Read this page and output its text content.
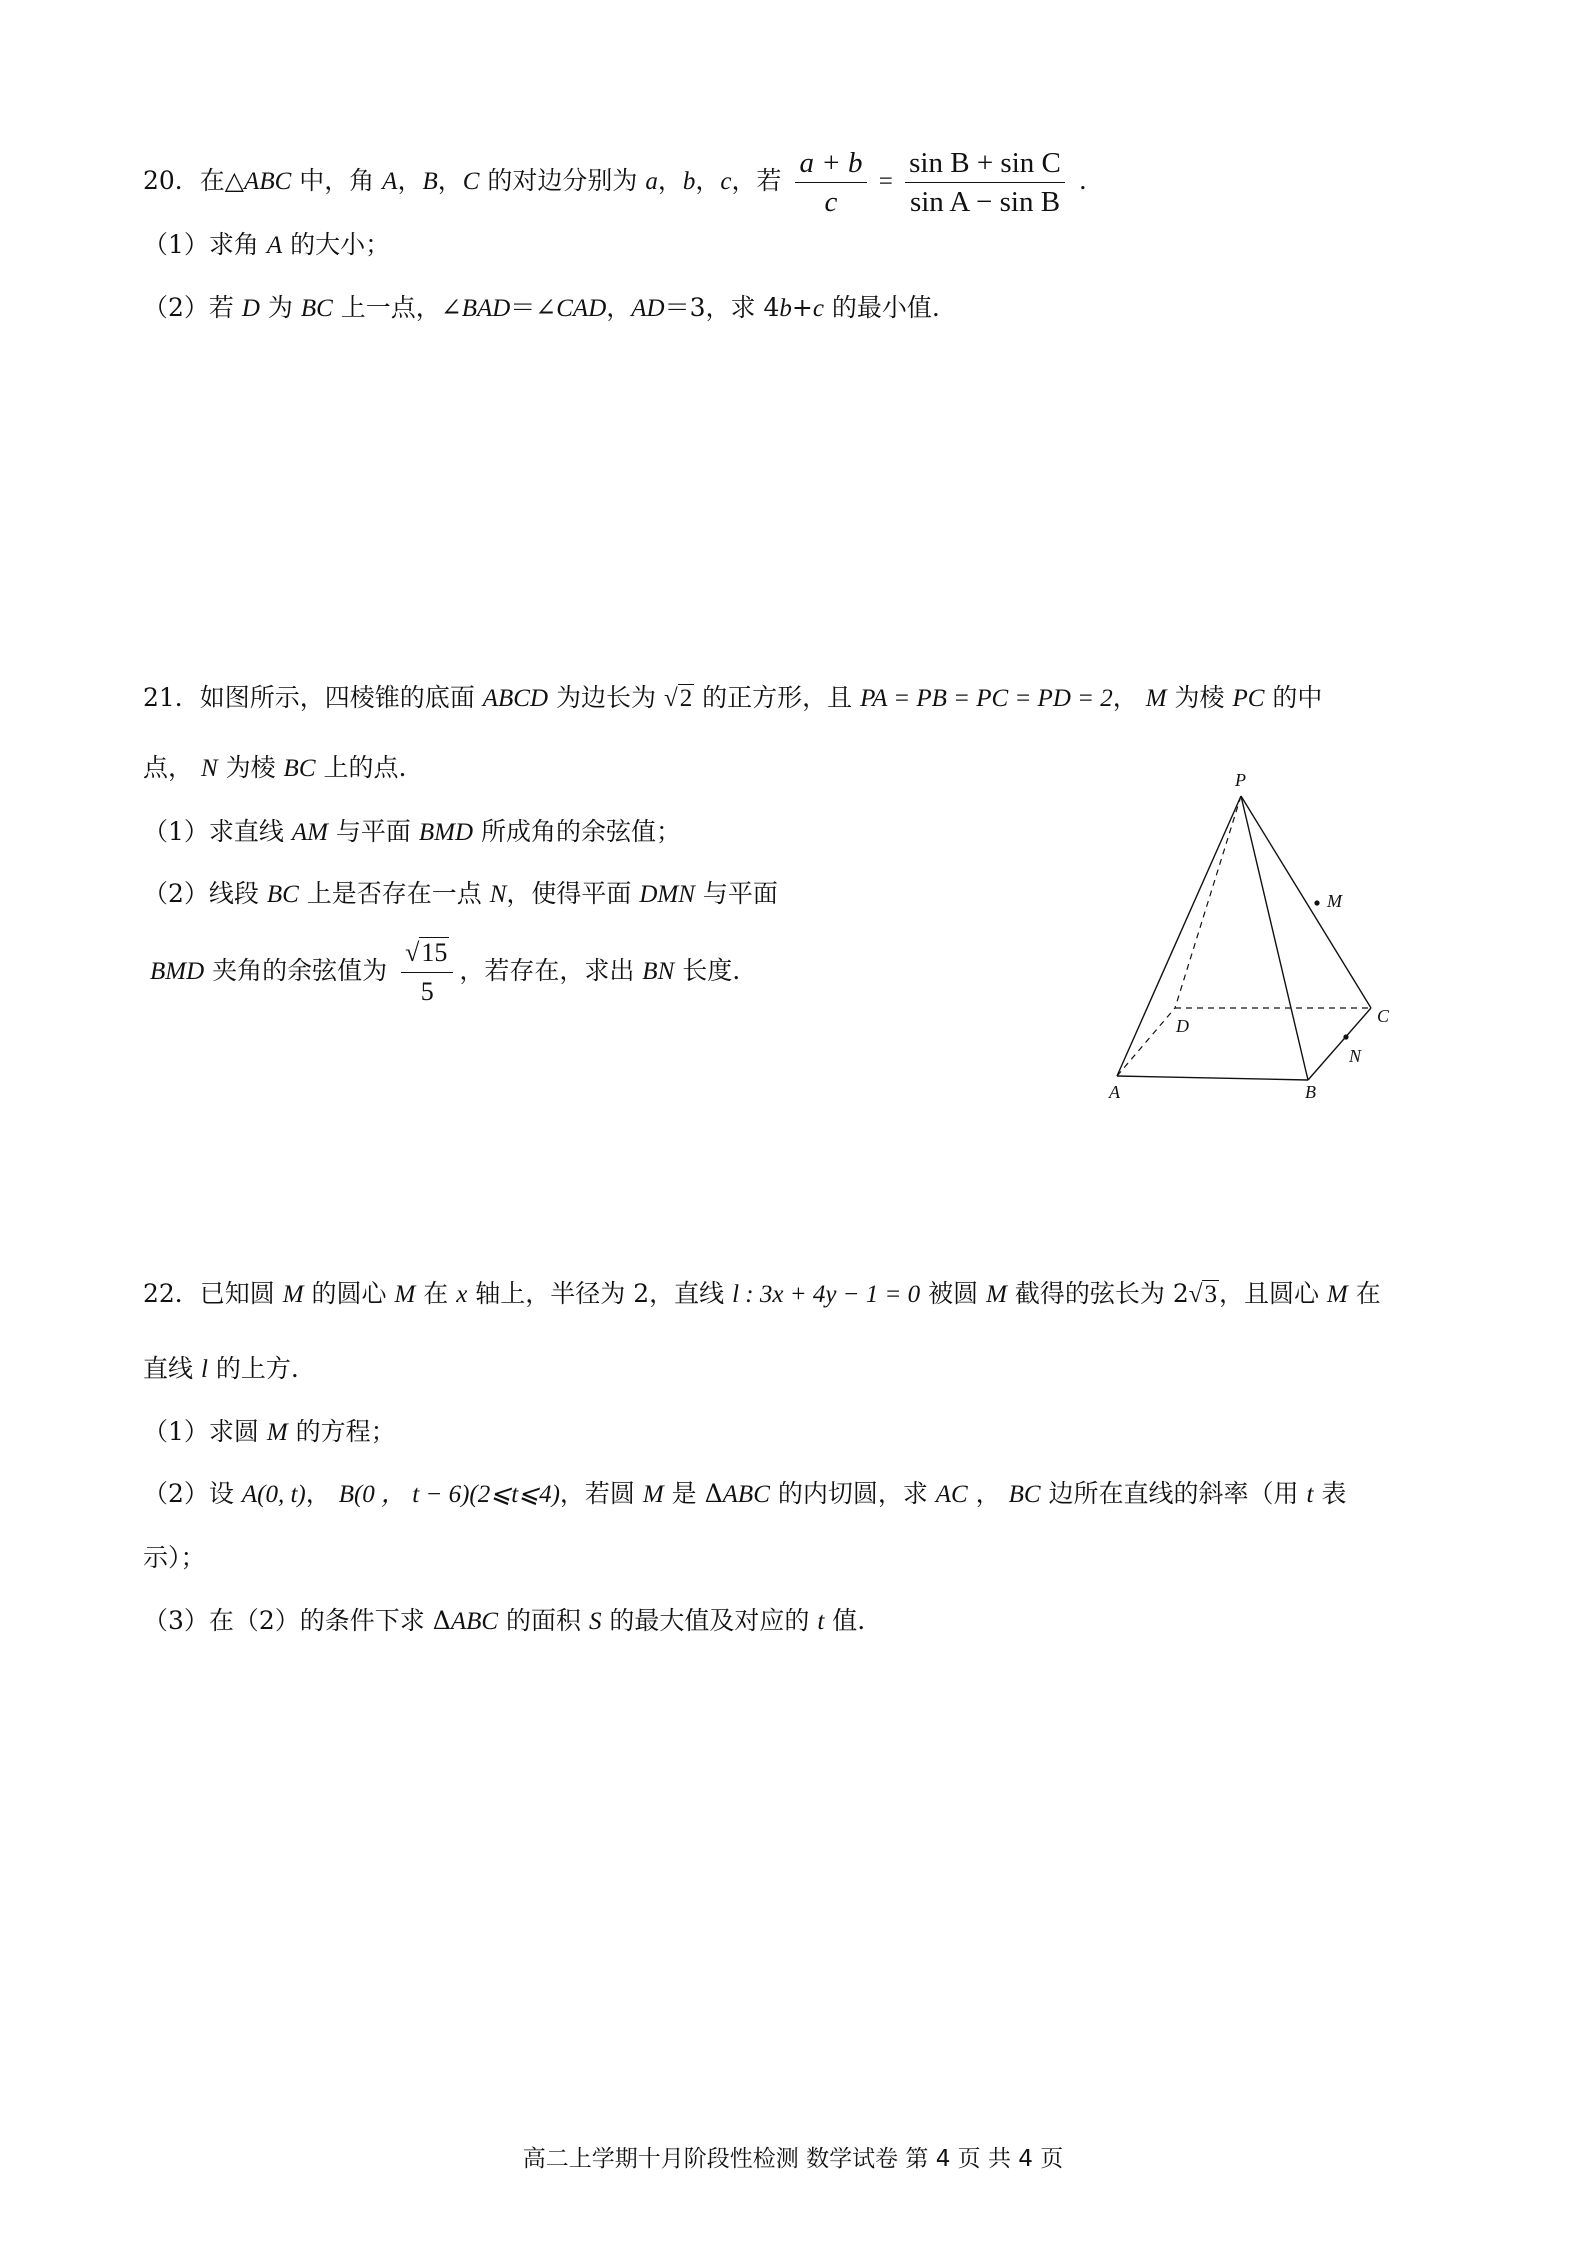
20．在△ABC 中，角 A，B，C 的对边分别为 a，b，c，若 $\frac{a + b}{c} = \frac{\text{sin B + sin C}}{\text{sin A − sin B}}$ .
（1）求角 A 的大小；
（2）若 D 为 BC 上一点，∠BAD＝∠CAD，AD＝3，求 4b+c 的最小值.
21．如图所示，四棱锥的底面 ABCD 为边长为 √2 的正方形，且 PA = PB = PC = PD = 2， M 为棱 PC 的中
点， N 为棱 BC 上的点.
（1）求直线 AM 与平面 BMD 所成角的余弦值；
（2）线段 BC 上是否存在一点 N，使得平面 DMN 与平面
BMD 夹角的余弦值为 $\frac{√15}{5}$ ，若存在，求出 BN 长度.
P
M
D	C
N
A	B
22．已知圆 M 的圆心 M 在 x 轴上，半径为 2，直线 l : 3x + 4y − 1 = 0 被圆 M 截得的弦长为 2√3，且圆心 M 在
直线 l 的上方.
（1）求圆 M 的方程；
（2）设 A(0, t)， B(0 ， t − 6)(2⩽t⩽4)，若圆 M 是 ΔABC 的内切圆，求 AC ， BC 边所在直线的斜率（用 t 表
示）；
（3）在（2）的条件下求 ΔABC 的面积 S 的最大值及对应的 t 值.
高二上学期十月阶段性检测 数学试卷 第 4 页 共 4 页
